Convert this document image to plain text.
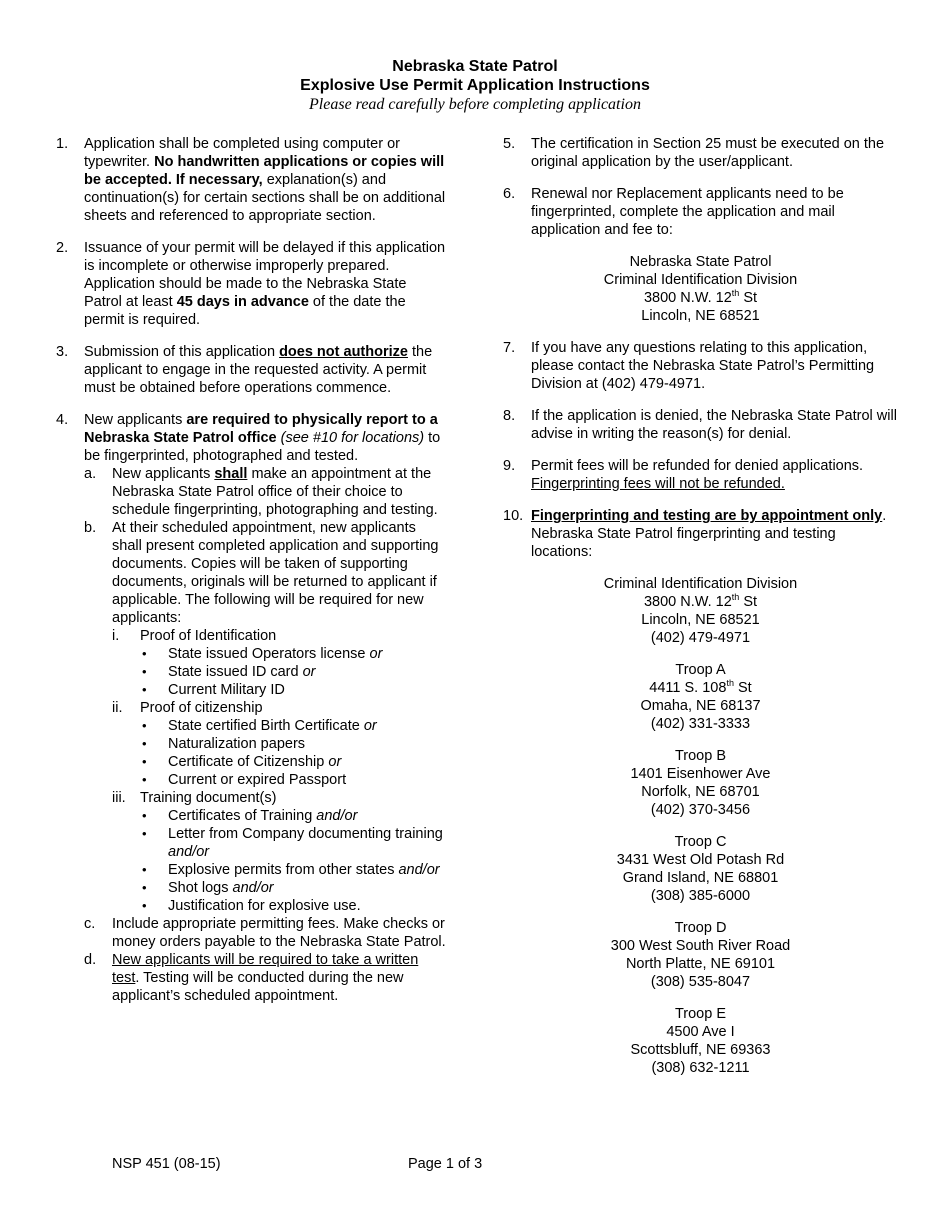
Nebraska State Patrol
Explosive Use Permit Application Instructions
Please read carefully before completing application
1. Application shall be completed using computer or typewriter. No handwritten applications or copies will be accepted. If necessary, explanation(s) and continuation(s) for certain sections shall be on additional sheets and referenced to appropriate section.
2. Issuance of your permit will be delayed if this application is incomplete or otherwise improperly prepared. Application should be made to the Nebraska State Patrol at least 45 days in advance of the date the permit is required.
3. Submission of this application does not authorize the applicant to engage in the requested activity. A permit must be obtained before operations commence.
4. New applicants are required to physically report to a Nebraska State Patrol office (see #10 for locations) to be fingerprinted, photographed and tested.
a. New applicants shall make an appointment at the Nebraska State Patrol office of their choice to schedule fingerprinting, photographing and testing.
b. At their scheduled appointment, new applicants shall present completed application and supporting documents. Copies will be taken of supporting documents, originals will be returned to applicant if applicable. The following will be required for new applicants:
i. Proof of Identification
• State issued Operators license or
• State issued ID card or
• Current Military ID
ii. Proof of citizenship
• State certified Birth Certificate or
• Naturalization papers
• Certificate of Citizenship or
• Current or expired Passport
iii. Training document(s)
• Certificates of Training and/or
• Letter from Company documenting training and/or
• Explosive permits from other states and/or
• Shot logs and/or
• Justification for explosive use.
c. Include appropriate permitting fees. Make checks or money orders payable to the Nebraska State Patrol.
d. New applicants will be required to take a written test. Testing will be conducted during the new applicant’s scheduled appointment.
5. The certification in Section 25 must be executed on the original application by the user/applicant.
6. Renewal nor Replacement applicants need to be fingerprinted, complete the application and mail application and fee to:
Nebraska State Patrol
Criminal Identification Division
3800 N.W. 12th St
Lincoln, NE 68521
7. If you have any questions relating to this application, please contact the Nebraska State Patrol’s Permitting Division at (402) 479-4971.
8. If the application is denied, the Nebraska State Patrol will advise in writing the reason(s) for denial.
9. Permit fees will be refunded for denied applications. Fingerprinting fees will not be refunded.
10. Fingerprinting and testing are by appointment only. Nebraska State Patrol fingerprinting and testing locations:
Criminal Identification Division
3800 N.W. 12th St
Lincoln, NE 68521
(402) 479-4971
Troop A
4411 S. 108th St
Omaha, NE 68137
(402) 331-3333
Troop B
1401 Eisenhower Ave
Norfolk, NE 68701
(402) 370-3456
Troop C
3431 West Old Potash Rd
Grand Island, NE 68801
(308) 385-6000
Troop D
300 West South River Road
North Platte, NE 69101
(308) 535-8047
Troop E
4500 Ave I
Scottsbluff, NE 69363
(308) 632-1211
NSP 451 (08-15)	Page 1 of 3
